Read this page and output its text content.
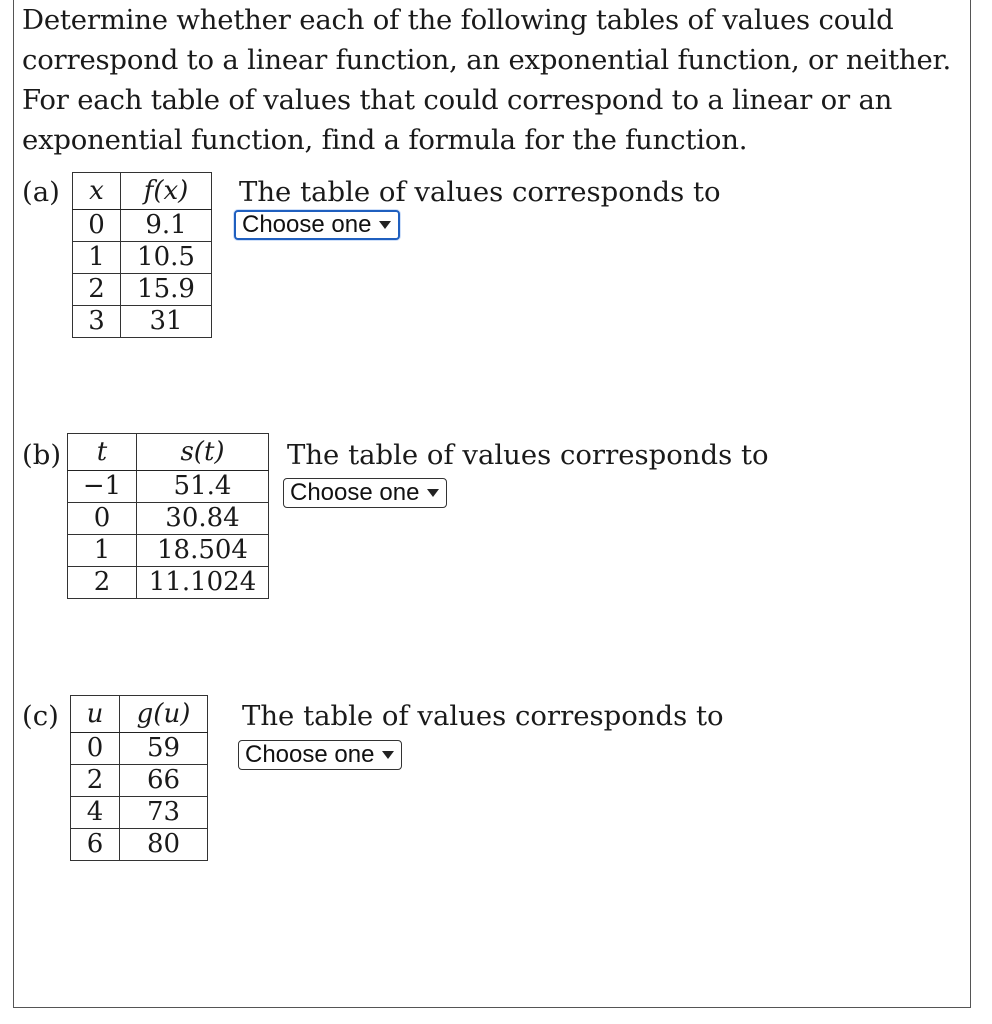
Determine whether each of the following tables of values could
correspond to a linear function, an exponential function, or neither.
For each table of values that could correspond to a linear or an
exponential function, find a formula for the function.
(a) x	f(x)
0	9.1
1	10.5
2	15.9
3	31
The table of values corresponds to
Choose one
(b) t	s(t)
−1	51.4
0	30.84
1	18.504
2	11.1024
The table of values corresponds to
Choose one
(c) u	g(u)
0	59
2	66
4	73
6	80
The table of values corresponds to
Choose one
